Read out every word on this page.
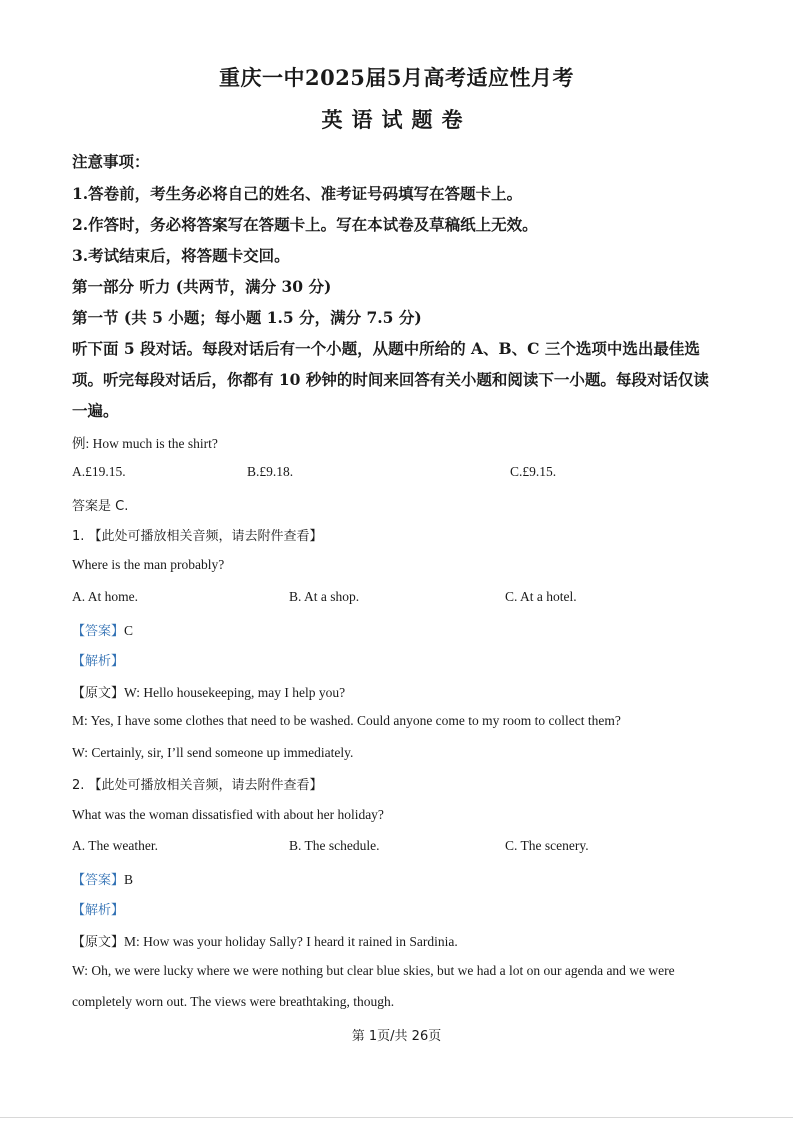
重庆一中2025届5月高考适应性月考
英语试题卷
注意事项：
1.答卷前，考生务必将自己的姓名、准考证号码填写在答题卡上。
2.作答时，务必将答案写在答题卡上。写在本试卷及草稿纸上无效。
3.考试结束后，将答题卡交回。
第一部分 听力 (共两节，满分 30 分)
第一节 (共 5 小题；每小题 1.5 分，满分 7.5 分)
听下面 5 段对话。每段对话后有一个小题，从题中所给的 A、B、C 三个选项中选出最佳选项。听完每段对话后，你都有 10 秒钟的时间来回答有关小题和阅读下一小题。每段对话仅读一遍。
例: How much is the shirt?
A.£19.15.	B.£9.18.	C.£9.15.
答案是 C.
1. 【此处可播放相关音频，请去附件查看】
Where is the man probably?
A. At home.	B. At a shop.	C. At a hotel.
【答案】C
【解析】
【原文】W: Hello housekeeping, may I help you?
M: Yes, I have some clothes that need to be washed. Could anyone come to my room to collect them?
W: Certainly, sir, I’ll send someone up immediately.
2. 【此处可播放相关音频，请去附件查看】
What was the woman dissatisfied with about her holiday?
A. The weather.	B. The schedule.	C. The scenery.
【答案】B
【解析】
【原文】M: How was your holiday Sally? I heard it rained in Sardinia.
W: Oh, we were lucky where we were nothing but clear blue skies, but we had a lot on our agenda and we were
completely worn out. The views were breathtaking, though.
第 1页/共 26页
